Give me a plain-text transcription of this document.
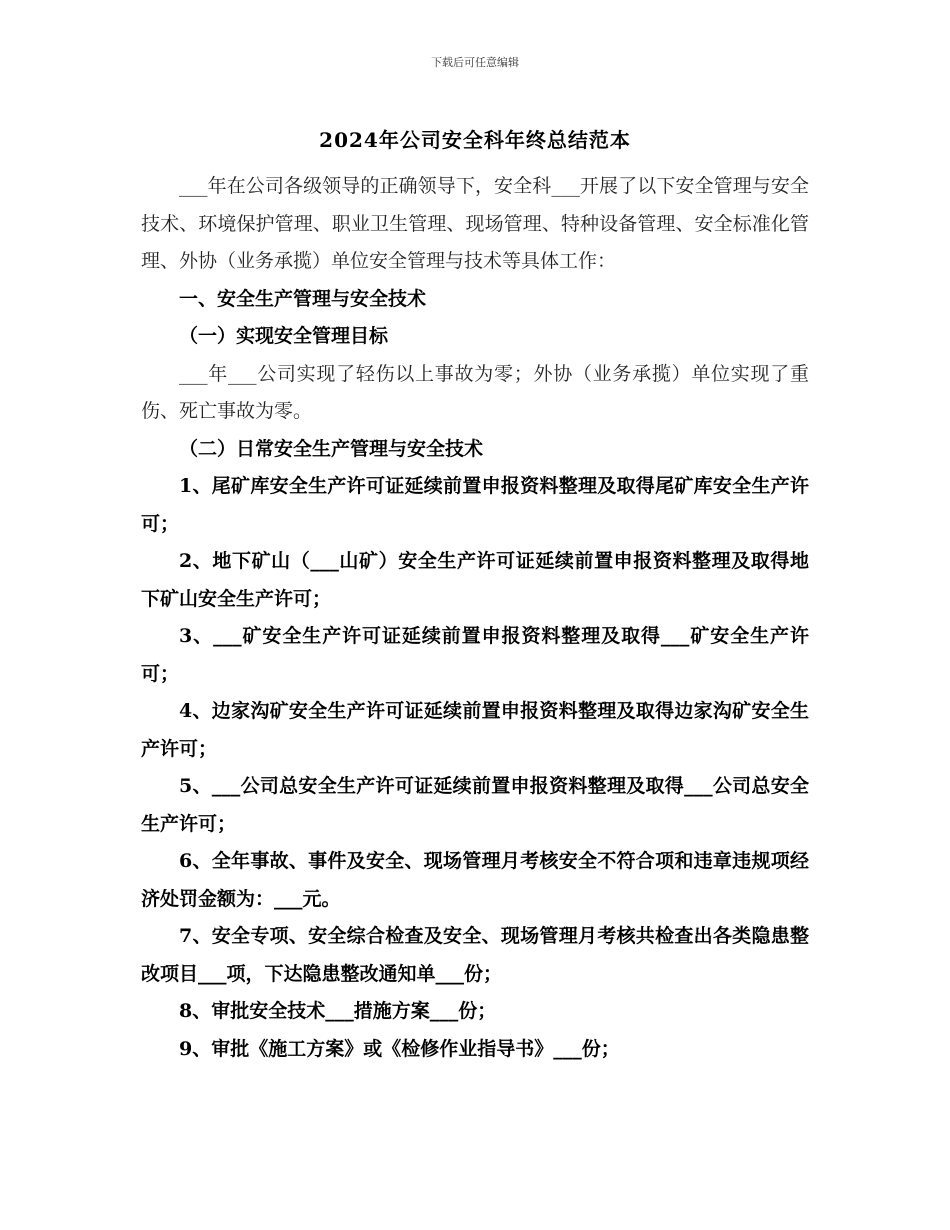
下载后可任意编辑
2024年公司安全科年终总结范本

___年在公司各级领导的正确领导下，安全科___开展了以下安全管理与安全技术、环境保护管理、职业卫生管理、现场管理、特种设备管理、安全标准化管理、外协（业务承揽）单位安全管理与技术等具体工作：

一、安全生产管理与安全技术

（一）实现安全管理目标

___年___公司实现了轻伤以上事故为零；外协（业务承揽）单位实现了重伤、死亡事故为零。

（二）日常安全生产管理与安全技术

1、尾矿库安全生产许可证延续前置申报资料整理及取得尾矿库安全生产许可；

2、地下矿山（___山矿）安全生产许可证延续前置申报资料整理及取得地下矿山安全生产许可；

3、___矿安全生产许可证延续前置申报资料整理及取得___矿安全生产许可；

4、边家沟矿安全生产许可证延续前置申报资料整理及取得边家沟矿安全生产许可；

5、___公司总安全生产许可证延续前置申报资料整理及取得___公司总安全生产许可；

6、全年事故、事件及安全、现场管理月考核安全不符合项和违章违规项经济处罚金额为：___元。

7、安全专项、安全综合检查及安全、现场管理月考核共检查出各类隐患整改项目___项，下达隐患整改通知单___份；

8、审批安全技术___措施方案___份；

9、审批《施工方案》或《检修作业指导书》___份；
